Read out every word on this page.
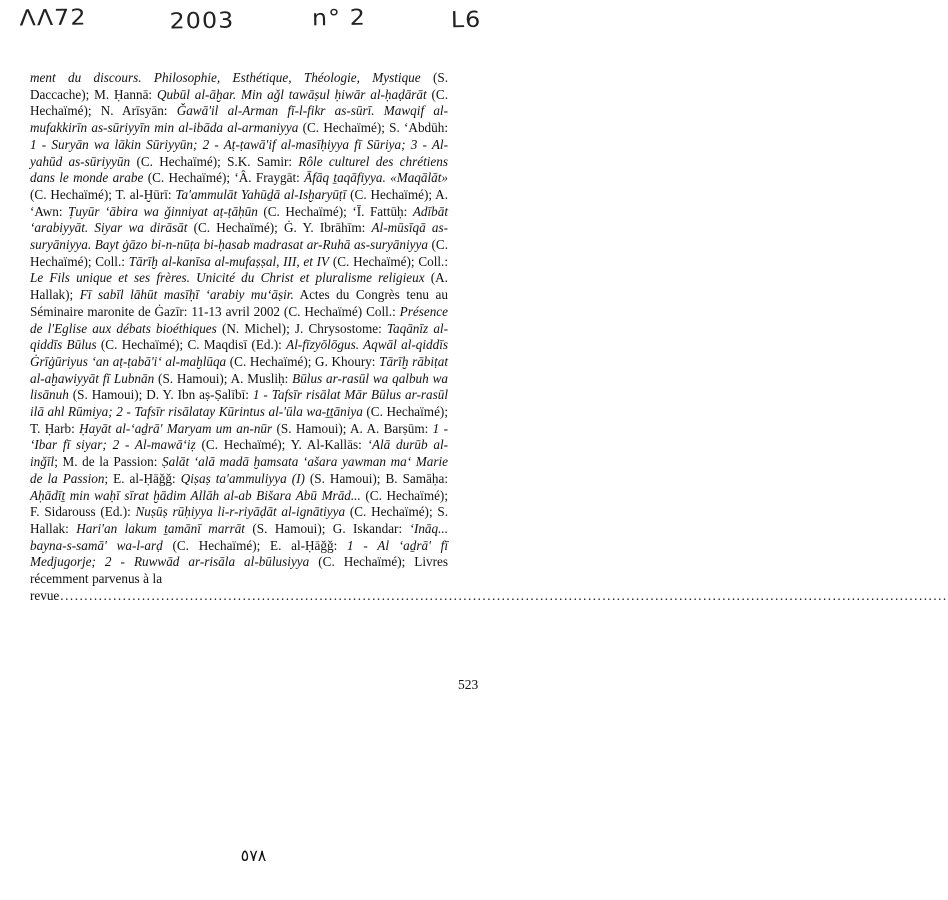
ΛΛ72	2003	n° 2	L6
ment du discours. Philosophie, Esthétique, Théologie, Mystique (S. Daccache); M. Ḥannā: Qubūl al-āḫar. Min aǧl tawāṣul ḥiwār al-ḥaḍārāt (C. Hechaïmé); N. Arīsyān: Ǧawā'il al-Arman fī-l-fikr as-sūrī. Mawqif al-mufakkirīn as-sūriyyīn min al-ibāda al-armaniyya (C. Hechaïmé); S. ‘Abdūh: 1 - Suryān wa lākin Sūriyyūn; 2 - Aṭ-ṭawā'if al-masīḥiyya fī Sūriya; 3 - Al-yahūd as-sūriyyūn (C. Hechaïmé); S.K. Samir: Rôle culturel des chrétiens dans le monde arabe (C. Hechaïmé); ‘Â. Fraygāt: Āfāq ṯaqāfiyya. «Maqālāt» (C. Hechaïmé); T. al-Ḫūrī: Ta'ammulāt Yahūḏā al-Isḫaryūṭī (C. Hechaïmé); A. ‘Awn: Ṭuyūr ‘ābira wa ǧinniyat aṭ-ṭāḥūn (C. Hechaïmé); ‘Ī. Fattūḥ: Adībāt ‘arabiyyāt. Siyar wa dirāsāt (C. Hechaïmé); Ġ. Y. Ibrāhīm: Al-mūsīqā as-suryāniyya. Bayt ġāzo bi-n-nūṭa bi-ḥasab madrasat ar-Ruhā as-suryāniyya (C. Hechaïmé); Coll.: Tārīḫ al-kanīsa al-mufaṣṣal, III, et IV (C. Hechaïmé); Coll.: Le Fils unique et ses frères. Unicité du Christ et pluralisme religieux (A. Hallak); Fī sabīl lāhūt masīḥī ‘arabiy mu‘āṣir. Actes du Congrès tenu au Séminaire maronite de Ġazīr: 11-13 avril 2002 (C. Hechaïmé) Coll.: Présence de l'Eglise aux débats bioéthiques (N. Michel); J. Chrysostome: Taqānīz al-qiddīs Būlus (C. Hechaïmé); C. Maqdisī (Ed.): Al-fīzyōlōgus. Aqwāl al-qiddīs Ġrīġūriyus ‘an aṭ-ṭabā'i‘ al-maḫlūqa (C. Hechaïmé); G. Khoury: Tārīḫ rābiṭat al-aḫawiyyāt fī Lubnān (S. Hamoui); A. Musliḥ: Būlus ar-rasūl wa qalbuh wa lisānuh (S. Hamoui); D. Y. Ibn aṣ-Ṣalībī: 1 - Tafsīr risālat Mār Būlus ar-rasūl ilā ahl Rūmiya; 2 - Tafsīr risālatay Kūrintus al-'ūla wa-ṯṯāniya (C. Hechaïmé); T. Ḥarb: Ḥayāt al-‘aḏrā' Maryam um an-nūr (S. Hamoui); A. A. Barṣūm: 1 - ‘Ibar fī siyar; 2 - Al-mawā‘iẓ (C. Hechaïmé); Y. Al-Kallās: ‘Alā durūb al-inǧīl; M. de la Passion: Ṣalāt ‘alā madā ḫamsata ‘ašara yawman ma‘ Marie de la Passion; E. al-Ḥāǧǧ: Qiṣaṣ ta'ammuliyya (I) (S. Hamoui); B. Samāḥa: Aḥādīṯ min waḥī sīrat ḫādim Allāh al-ab Bišara Abū Mrād... (C. Hechaïmé); F. Sidarouss (Ed.): Nuṣūṣ rūḥiyya li-r-riyāḍāt al-ignātiyya (C. Hechaïmé); S. Hallak: Hari'an lakum ṯamānī marrāt (S. Hamoui); G. Iskandar: ‘Ināq... bayna-s-samā' wa-l-arḍ (C. Hechaïmé); E. al-Ḥāǧǧ: 1 - Al ‘aḏrā' fī Medjugorje; 2 - Ruwwād ar-risāla al-būlusiyya (C. Hechaïmé); Livres récemment parvenus à la
revue .........................................................................................................................................................................................
523
٥٧٨
